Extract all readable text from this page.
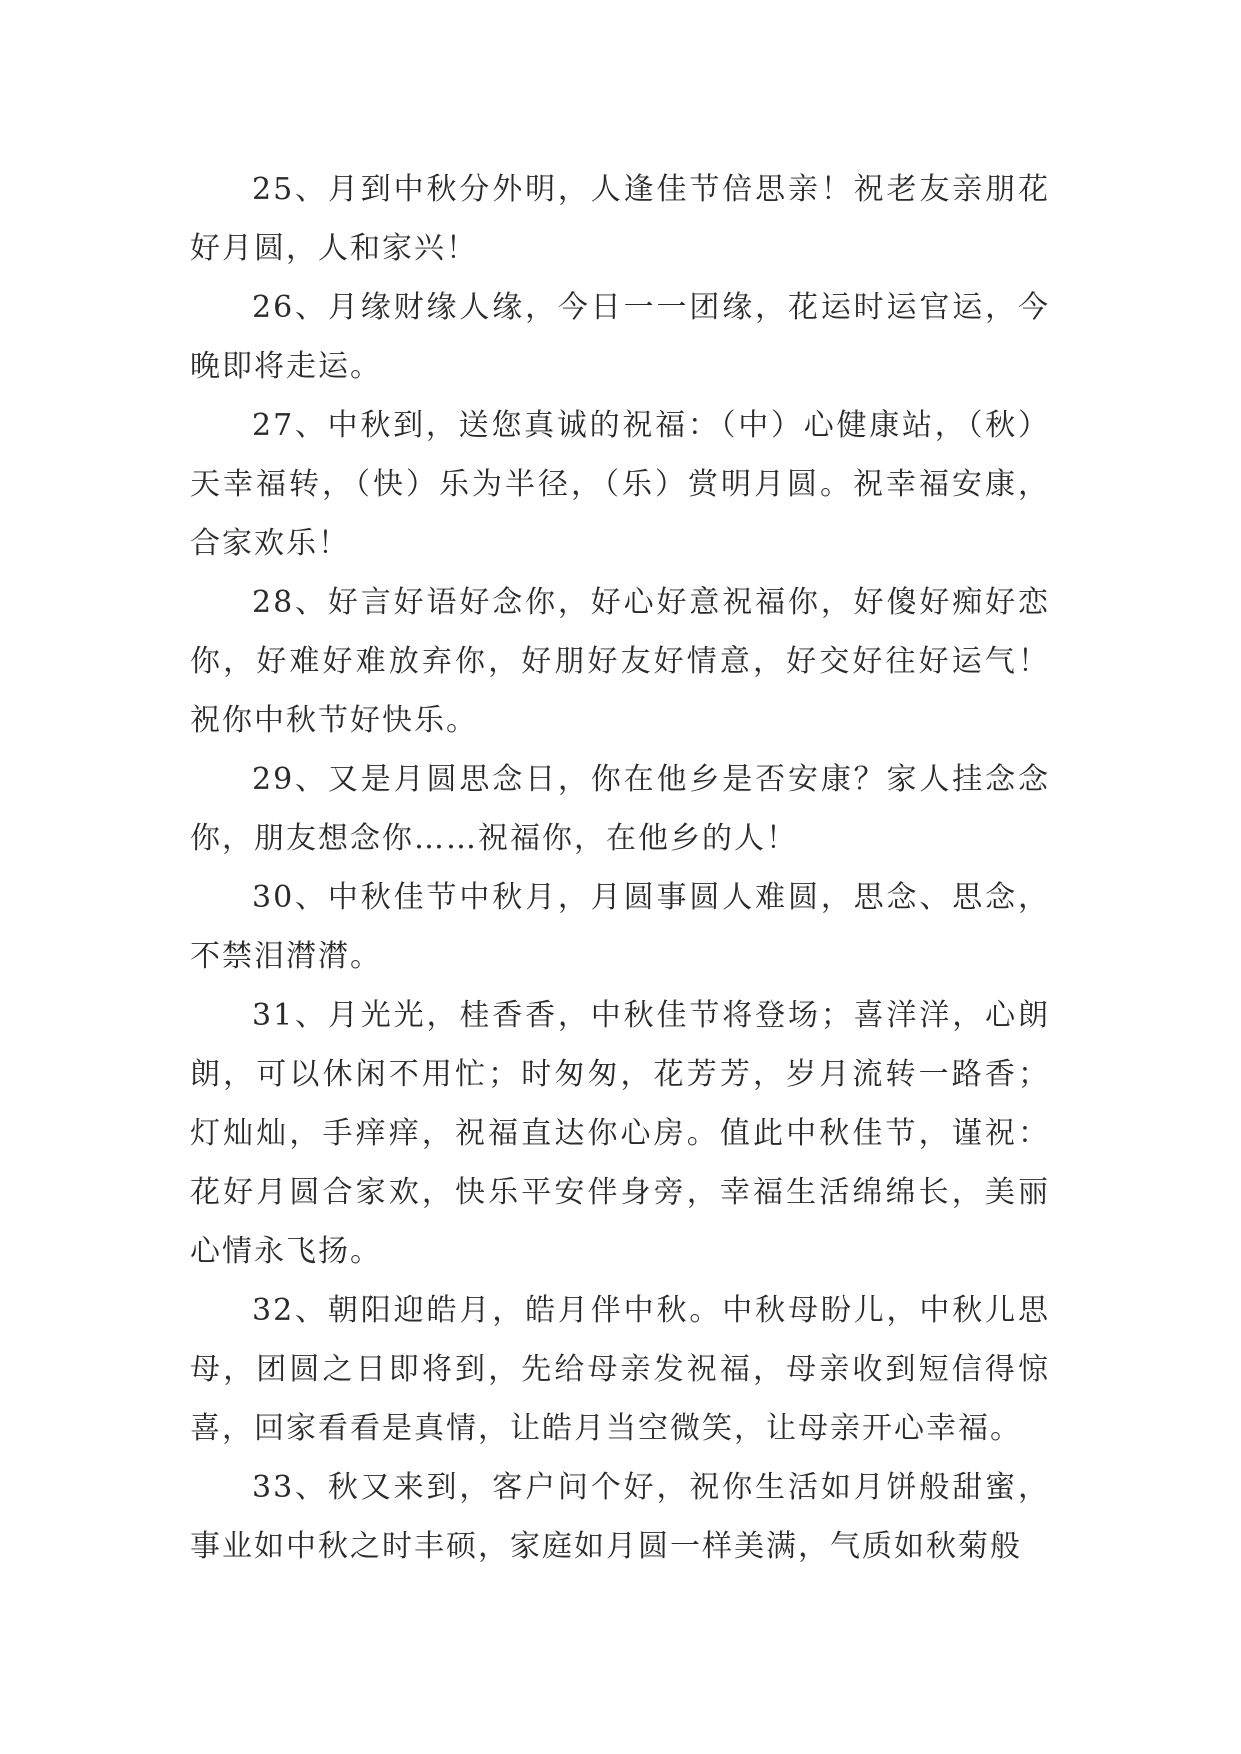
25、月到中秋分外明，人逢佳节倍思亲！祝老友亲朋花好月圆，人和家兴！

26、月缘财缘人缘，今日一一团缘，花运时运官运，今晚即将走运。

27、中秋到，送您真诚的祝福：（中）心健康站，（秋）天幸福转，（快）乐为半径，（乐）赏明月圆。祝幸福安康，合家欢乐！

28、好言好语好念你，好心好意祝福你，好傻好痴好恋你，好难好难放弃你，好朋好友好情意，好交好往好运气！祝你中秋节好快乐。

29、又是月圆思念日，你在他乡是否安康？家人挂念念你，朋友想念你……祝福你，在他乡的人！

30、中秋佳节中秋月，月圆事圆人难圆，思念、思念，不禁泪潸潸。

31、月光光，桂香香，中秋佳节将登场；喜洋洋，心朗朗，可以休闲不用忙；时匆匆，花芳芳，岁月流转一路香；灯灿灿，手痒痒，祝福直达你心房。值此中秋佳节，谨祝：花好月圆合家欢，快乐平安伴身旁，幸福生活绵绵长，美丽心情永飞扬。

32、朝阳迎皓月，皓月伴中秋。中秋母盼儿，中秋儿思母，团圆之日即将到，先给母亲发祝福，母亲收到短信得惊喜，回家看看是真情，让皓月当空微笑，让母亲开心幸福。

33、秋又来到，客户问个好，祝你生活如月饼般甜蜜，事业如中秋之时丰硕，家庭如月圆一样美满，气质如秋菊般
